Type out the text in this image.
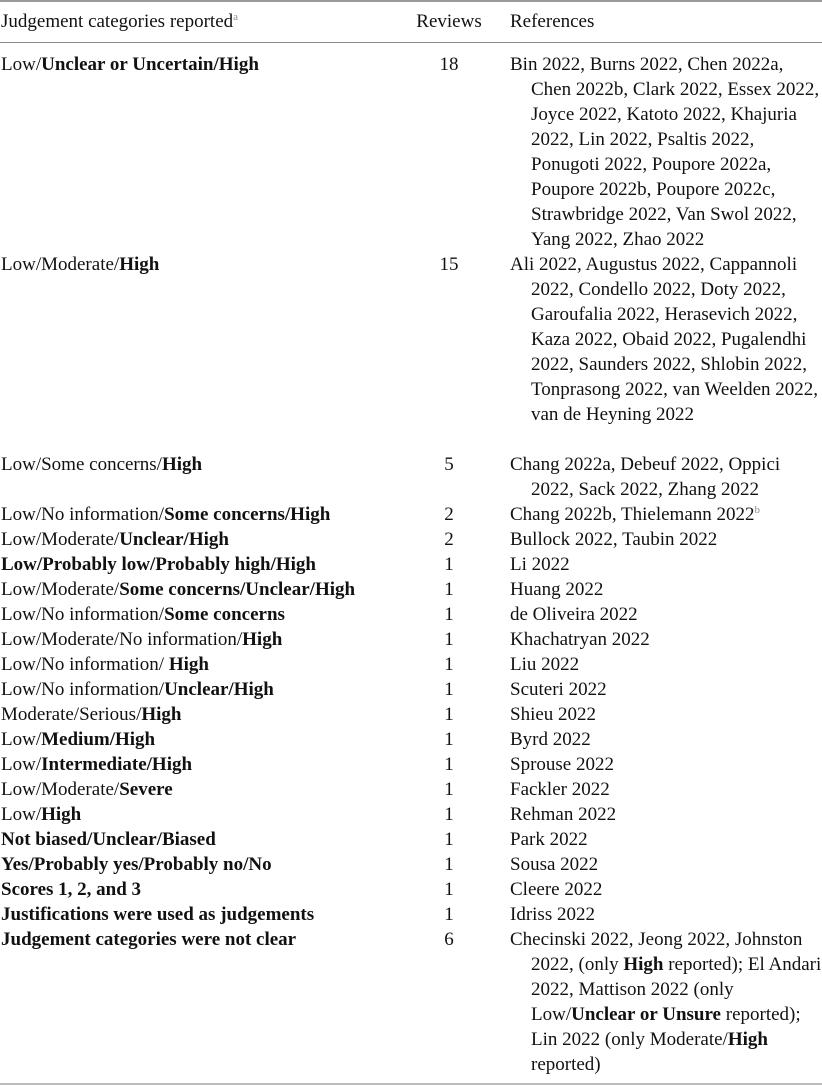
Judgement categories reported$^a$	Reviews	References
Low/Unclear or Uncertain/High	18	Bin 2022, Burns 2022, Chen 2022a, Chen 2022b, Clark 2022, Essex 2022, Joyce 2022, Katoto 2022, Khajuria 2022, Lin 2022, Psaltis 2022, Ponugoti 2022, Poupore 2022a, Poupore 2022b, Poupore 2022c, Strawbridge 2022, Van Swol 2022, Yang 2022, Zhao 2022
Low/Moderate/High	15	Ali 2022, Augustus 2022, Cappannoli 2022, Condello 2022, Doty 2022, Garoufalia 2022, Herasevich 2022, Kaza 2022, Obaid 2022, Pugalendhi 2022, Saunders 2022, Shlobin 2022, Tonprasong 2022, van Weelden 2022, van de Heyning 2022
Low/Some concerns/High	5	Chang 2022a, Debeuf 2022, Oppici 2022, Sack 2022, Zhang 2022
Low/No information/Some concerns/High	2	Chang 2022b, Thielemann 2022$^b$
Low/Moderate/Unclear/High	2	Bullock 2022, Taubin 2022
Low/Probably low/Probably high/High	1	Li 2022
Low/Moderate/Some concerns/Unclear/High	1	Huang 2022
Low/No information/Some concerns	1	de Oliveira 2022
Low/Moderate/No information/High	1	Khachatryan 2022
Low/No information/ High	1	Liu 2022
Low/No information/Unclear/High	1	Scuteri 2022
Moderate/Serious/High	1	Shieu 2022
Low/Medium/High	1	Byrd 2022
Low/Intermediate/High	1	Sprouse 2022
Low/Moderate/Severe	1	Fackler 2022
Low/High	1	Rehman 2022
Not biased/Unclear/Biased	1	Park 2022
Yes/Probably yes/Probably no/No	1	Sousa 2022
Scores 1, 2, and 3	1	Cleere 2022
Justifications were used as judgements	1	Idriss 2022
Judgement categories were not clear	6	Checinski 2022, Jeong 2022, Johnston 2022, (only High reported); El Andari 2022, Mattison 2022 (only Low/Unclear or Unsure reported); Lin 2022 (only Moderate/High reported)
